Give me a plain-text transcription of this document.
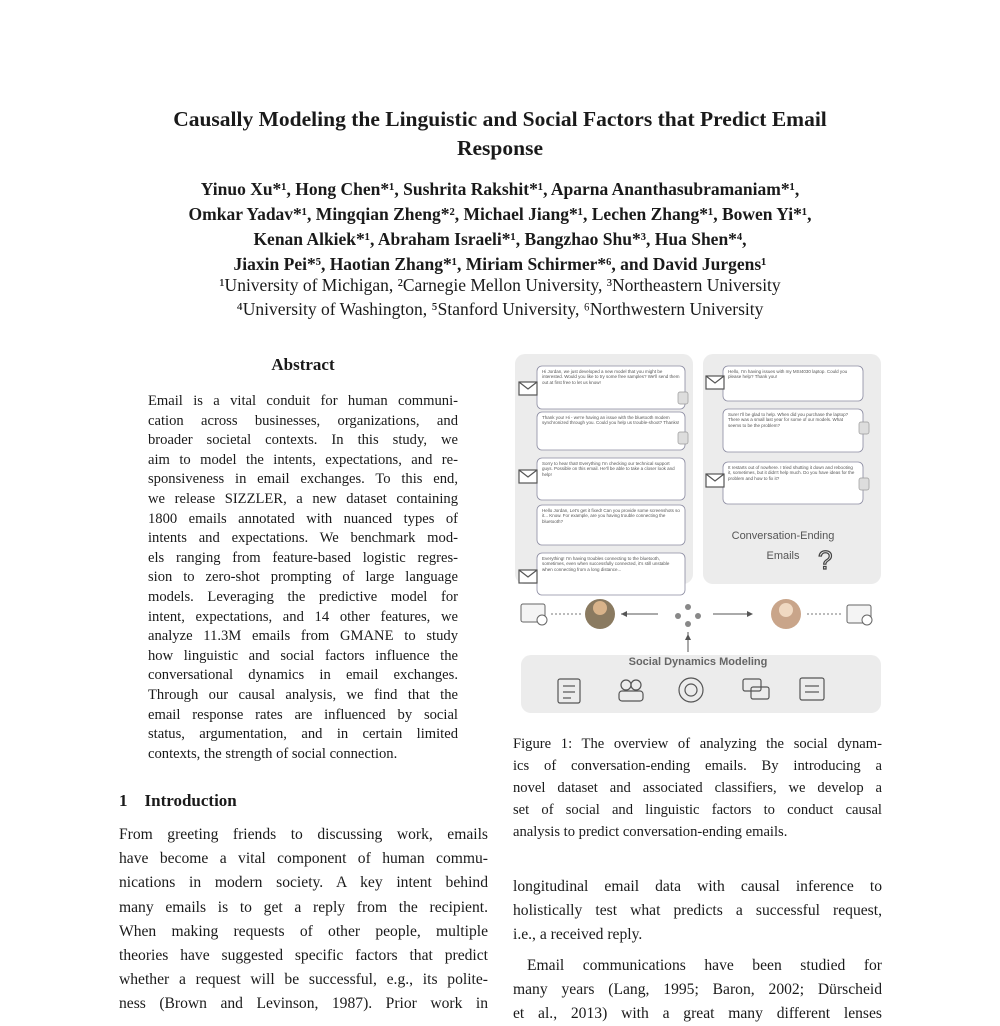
Causally Modeling the Linguistic and Social Factors that Predict Email
Response
Yinuo Xu*¹, Hong Chen*¹, Sushrita Rakshit*¹, Aparna Ananthasubramaniam*¹,
Omkar Yadav*¹, Mingqian Zheng*², Michael Jiang*¹, Lechen Zhang*¹, Bowen Yi*¹,
Kenan Alkiek*¹, Abraham Israeli*¹, Bangzhao Shu*³, Hua Shen*⁴,
Jiaxin Pei*⁵, Haotian Zhang*¹, Miriam Schirmer*⁶, and David Jurgens¹
¹University of Michigan, ²Carnegie Mellon University, ³Northeastern University
⁴University of Washington, ⁵Stanford University, ⁶Northwestern University
Abstract
Email is a vital conduit for human communi-
cation across businesses, organizations, and
broader societal contexts. In this study, we
aim to model the intents, expectations, and re-
sponsiveness in email exchanges. To this end,
we release SIZZLER, a new dataset containing
1800 emails annotated with nuanced types of
intents and expectations. We benchmark mod-
els ranging from feature-based logistic regres-
sion to zero-shot prompting of large language
models. Leveraging the predictive model for
intent, expectations, and 14 other features, we
analyze 11.3M emails from GMANE to study
how linguistic and social factors influence the
conversational dynamics in email exchanges.
Through our causal analysis, we find that the
email response rates are influenced by social
status, argumentation, and in certain limited
contexts, the strength of social connection.
1 Introduction
From greeting friends to discussing work, emails
have become a vital component of human commu-
nications in modern society. A key intent behind
many emails is to get a reply from the recipient.
When making requests of other people, multiple
theories have suggested specific factors that predict
whether a request will be successful, e.g., its polite-
ness (Brown and Levinson, 1987). Prior work in
?
Hi Jordan, we just developed a new model that you might be interested. Would you like to try some free samples? We'll send them out at first free to let us know!
Thank you! Hi - we're having an issue with the bluetooth modem synchronized through you. Could you help us trouble-shoot? Thanks!
Sorry to hear that! Everything I'm checking our technical support guys. Possible on this email. He'll be able to take a closer look and help!
Hello Jordan, Let's get it fixed! Can you provide some screenshots so it... Know. For example, are you having trouble connecting the bluetooth?
Everything! I'm having troubles connecting to the bluetooth, sometimes, even when successfully connected, it's still unstable when connecting from a long distance...
Hello, I'm having issues with my MSI4030 laptop. Could you please help? Thank you!
Sure! I'll be glad to help. When did you purchase the laptop? There was a small last year for some of our models. What seems to be the problem?
It restarts out of nowhere. I tried shutting it down and rebooting it, sometimes, but it didn't help much. Do you have ideas for the problem and how to fix it?
Conversation-Ending
Emails
Social Dynamics Modeling
Figure 1: The overview of analyzing the social dynam-
ics of conversation-ending emails. By introducing a
novel dataset and associated classifiers, we develop a
set of social and linguistic factors to conduct causal
analysis to predict conversation-ending emails.
longitudinal email data with causal inference to
holistically test what predicts a successful request,
i.e., a received reply.
Email communications have been studied for
many years (Lang, 1995; Baron, 2002; Dürscheid
et al., 2013) with a great many different lenses
